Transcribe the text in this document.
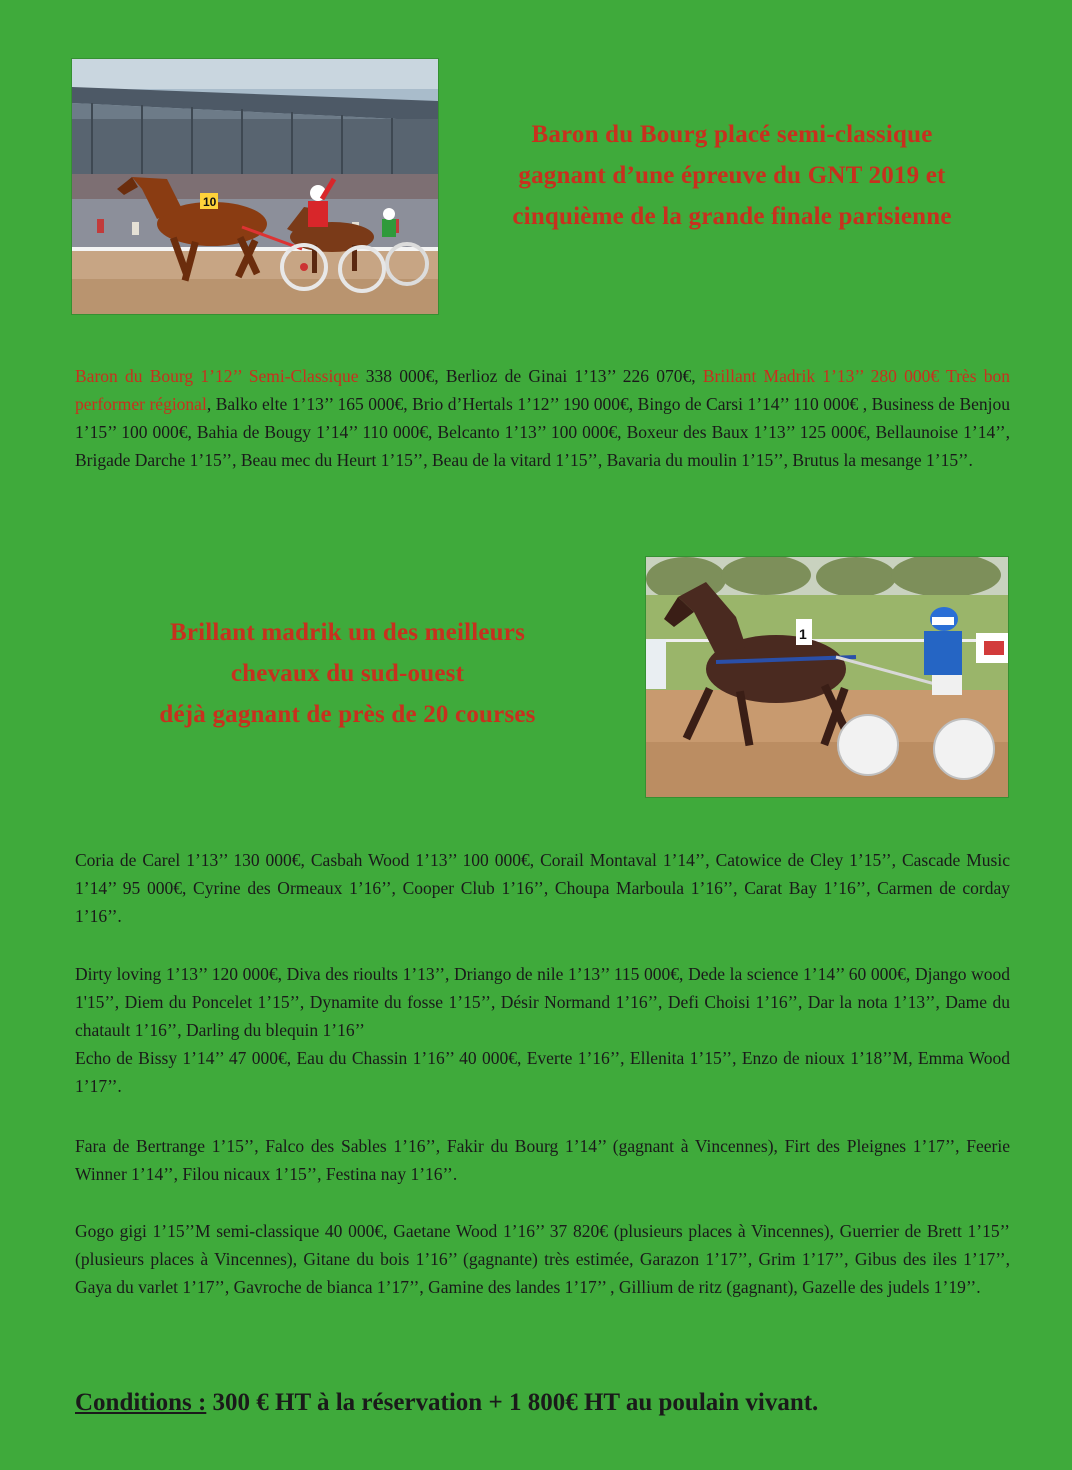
10
Baron du Bourg placé semi-classique
gagnant d’une épreuve du GNT 2019 et
cinquième de la grande finale parisienne
Baron du Bourg 1’12’’ Semi-Classique 338 000€, Berlioz de Ginai 1’13’’ 226 070€, Brillant Madrik 1’13’’ 280 000€ Très bon performer régional, Balko elte 1’13’’ 165 000€, Brio d’Hertals 1’12’’ 190 000€, Bingo de Carsi 1’14’’ 110 000€ , Business de Benjou 1’15’’ 100 000€, Bahia de Bougy 1’14’’ 110 000€, Belcanto 1’13’’ 100 000€, Boxeur des Baux 1’13’’ 125 000€, Bellaunoise 1’14’’, Brigade Darche 1’15’’, Beau mec du Heurt 1’15’’, Beau de la vitard 1’15’’, Bavaria du moulin 1’15’’, Brutus la mesange 1’15’’.
1
Brillant madrik un des meilleurs
chevaux du sud-ouest
déjà gagnant de près de 20 courses
Coria de Carel 1’13’’ 130 000€, Casbah Wood 1’13’’ 100 000€, Corail Montaval 1’14’’, Catowice de Cley 1’15’’, Cascade Music 1’14’’ 95 000€, Cyrine des Ormeaux 1’16’’, Cooper Club 1’16’’, Choupa Marboula 1’16’’, Carat Bay 1’16’’, Carmen de corday 1’16’’.
Dirty loving 1’13’’ 120 000€, Diva des rioults 1’13’’, Driango de nile 1’13’’ 115 000€, Dede la science 1’14’’ 60 000€, Django wood 1'15’’, Diem du Poncelet 1’15’’, Dynamite du fosse 1’15’’, Désir Normand 1’16’’, Defi Choisi 1’16’’, Dar la nota 1’13’’, Dame du chatault 1’16’’, Darling du blequin 1’16’’
Echo de Bissy 1’14’’ 47 000€, Eau du Chassin 1’16’’ 40 000€, Everte 1’16’’, Ellenita 1’15’’, Enzo de nioux 1’18’’M, Emma Wood 1’17’’.
Fara de Bertrange 1’15’’, Falco des Sables 1’16’’, Fakir du Bourg 1’14’’ (gagnant à Vincennes), Firt des Pleignes 1’17’’, Feerie Winner 1’14’’, Filou nicaux 1’15’’, Festina nay 1’16’’.
Gogo gigi 1’15’’M semi-classique 40 000€, Gaetane Wood 1’16’’ 37 820€ (plusieurs places à Vincennes), Guerrier de Brett 1’15’’ (plusieurs places à Vincennes), Gitane du bois 1’16’’ (gagnante) très estimée, Garazon 1’17’’, Grim 1’17’’, Gibus des iles 1’17’’, Gaya du varlet 1’17’’, Gavroche de bianca 1’17’’, Gamine des landes 1’17’’ , Gillium de ritz (gagnant), Gazelle des judels 1’19’’.
Conditions : 300 € HT à la réservation + 1 800€ HT au poulain vivant.
